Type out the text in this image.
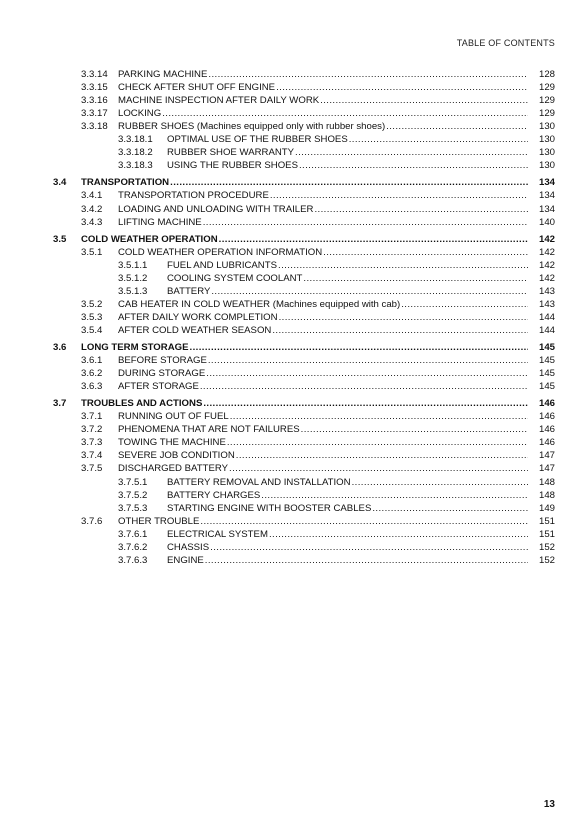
TABLE OF CONTENTS
3.3.14 PARKING MACHINE .....	128
3.3.15 CHECK AFTER SHUT OFF ENGINE .....	129
3.3.16 MACHINE INSPECTION AFTER DAILY WORK .....	129
3.3.17 LOCKING .....	129
3.3.18 RUBBER SHOES (Machines equipped only with rubber shoes) .....	130
3.3.18.1 OPTIMAL USE OF THE RUBBER SHOES .....	130
3.3.18.2 RUBBER SHOE WARRANTY .....	130
3.3.18.3 USING THE RUBBER SHOES .....	130
3.4 TRANSPORTATION .....	134
3.4.1 TRANSPORTATION PROCEDURE .....	134
3.4.2 LOADING AND UNLOADING WITH TRAILER .....	134
3.4.3 LIFTING MACHINE .....	140
3.5 COLD WEATHER OPERATION .....	142
3.5.1 COLD WEATHER OPERATION INFORMATION .....	142
3.5.1.1 FUEL AND LUBRICANTS .....	142
3.5.1.2 COOLING SYSTEM COOLANT .....	142
3.5.1.3 BATTERY .....	143
3.5.2 CAB HEATER IN COLD WEATHER (Machines equipped with cab) .....	143
3.5.3 AFTER DAILY WORK COMPLETION .....	144
3.5.4 AFTER COLD WEATHER SEASON .....	144
3.6 LONG TERM STORAGE .....	145
3.6.1 BEFORE STORAGE .....	145
3.6.2 DURING STORAGE .....	145
3.6.3 AFTER STORAGE .....	145
3.7 TROUBLES AND ACTIONS .....	146
3.7.1 RUNNING OUT OF FUEL .....	146
3.7.2 PHENOMENA THAT ARE NOT FAILURES .....	146
3.7.3 TOWING THE MACHINE .....	146
3.7.4 SEVERE JOB CONDITION .....	147
3.7.5 DISCHARGED BATTERY .....	147
3.7.5.1 BATTERY REMOVAL AND INSTALLATION .....	148
3.7.5.2 BATTERY CHARGES .....	148
3.7.5.3 STARTING ENGINE WITH BOOSTER CABLES .....	149
3.7.6 OTHER TROUBLE .....	151
3.7.6.1 ELECTRICAL SYSTEM .....	151
3.7.6.2 CHASSIS .....	152
3.7.6.3 ENGINE .....	152
13
